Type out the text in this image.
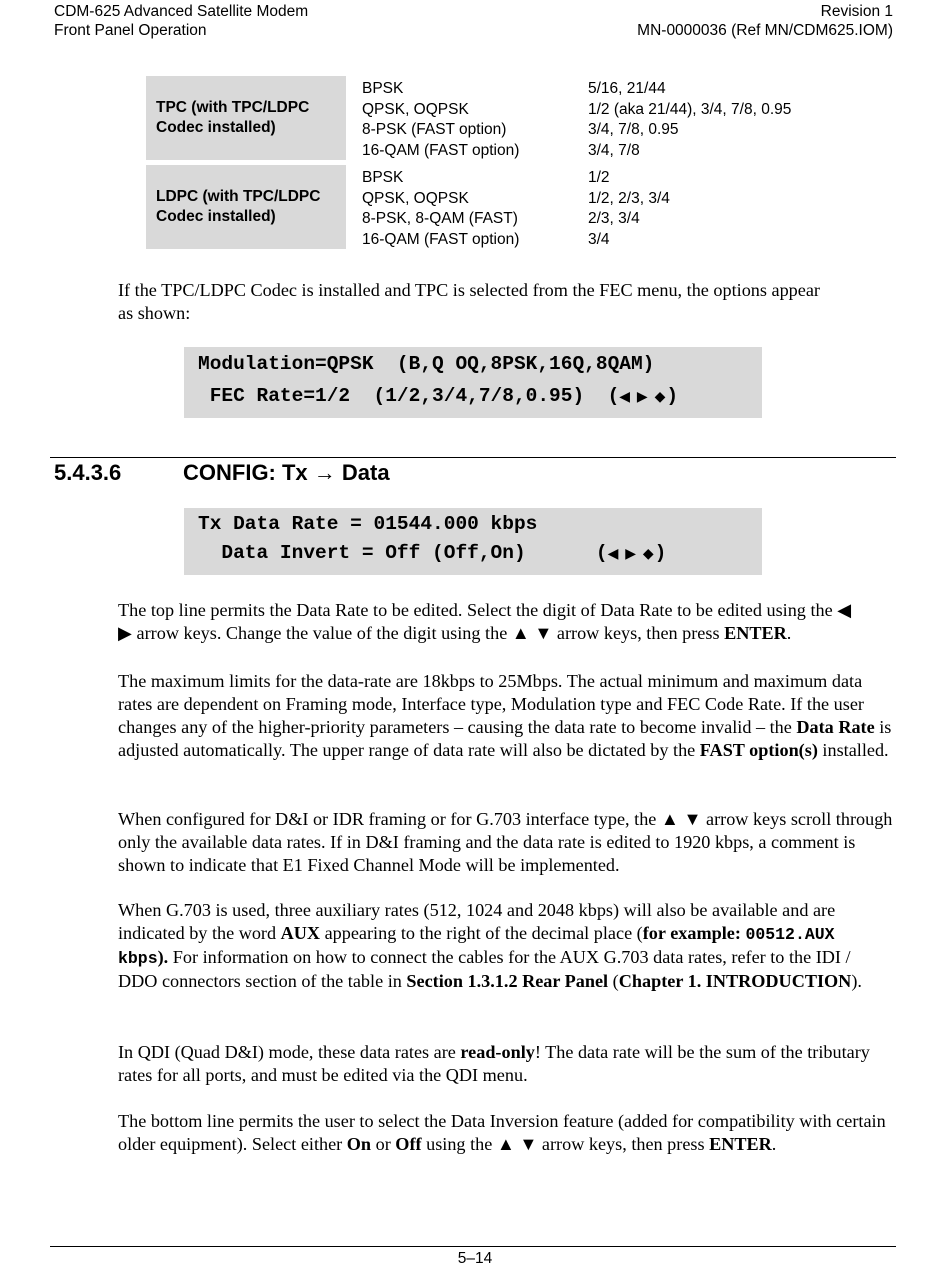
CDM-625 Advanced Satellite Modem
Front Panel Operation
Revision 1
MN-0000036 (Ref MN/CDM625.IOM)
TPC (with TPC/LDPC
Codec installed)
BPSK	5/16, 21/44
QPSK, OQPSK	1/2 (aka 21/44), 3/4, 7/8, 0.95
8-PSK (FAST option)	3/4, 7/8, 0.95
16-QAM (FAST option)	3/4, 7/8
LDPC (with TPC/LDPC
Codec installed)
BPSK	1/2
QPSK, OQPSK	1/2, 2/3, 3/4
8-PSK, 8-QAM (FAST)	2/3, 3/4
16-QAM (FAST option)	3/4
If the TPC/LDPC Codec is installed and TPC is selected from the FEC menu, the options appear
as shown:

Modulation=QPSK  (B,Q OQ,8PSK,16Q,8QAM)

FEC Rate=1/2  (1/2,3/4,7/8,0.95)  (◀ ▶ ◆)

5.4.3.6	CONFIG: Tx → Data

Tx Data Rate = 01544.000 kbps

Data Invert = Off (Off,On)      (◀ ▶ ◆)

The top line permits the Data Rate to be edited. Select the digit of Data Rate to be edited using the ◀
▶ arrow keys. Change the value of the digit using the ▲ ▼ arrow keys, then press ENTER.
The maximum limits for the data-rate are 18kbps to 25Mbps. The actual minimum and maximum data rates are dependent on Framing mode, Interface type, Modulation type and FEC Code Rate. If the user changes any of the higher-priority parameters – causing the data rate to become invalid – the Data Rate is adjusted automatically. The upper range of data rate will also be dictated by the FAST option(s) installed.
When configured for D&I or IDR framing or for G.703 interface type, the ▲ ▼ arrow keys scroll through only the available data rates. If in D&I framing and the data rate is edited to 1920 kbps, a comment is shown to indicate that E1 Fixed Channel Mode will be implemented.
When G.703 is used, three auxiliary rates (512, 1024 and 2048 kbps) will also be available and are indicated by the word AUX appearing to the right of the decimal place (for example: 00512.AUX kbps). For information on how to connect the cables for the AUX G.703 data rates, refer to the IDI / DDO connectors section of the table in Section 1.3.1.2 Rear Panel (Chapter 1. INTRODUCTION).
In QDI (Quad D&I) mode, these data rates are read-only! The data rate will be the sum of the tributary rates for all ports, and must be edited via the QDI menu.
The bottom line permits the user to select the Data Inversion feature (added for compatibility with certain older equipment). Select either On or Off using the ▲ ▼ arrow keys, then press ENTER.
5–14
